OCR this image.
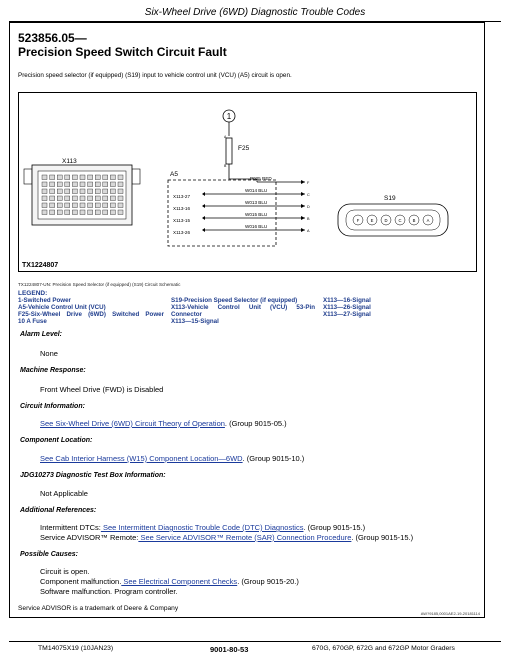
Six-Wheel Drive (6WD) Diagnostic Trouble Codes
523856.05—
Precision Speed Switch Circuit Fault
Precision speed selector (if equipped) (S19) input to vehicle control unit (VCU) (A5) circuit is open.
1
A
F25
B
X113
A5
X113-27
X113-16
X113-15
X113-26
P025 RED
W014 BLU
W013 BLU
W015 BLU
W016 BLU
F
C
D
B
A
S19
F	E	D	C	B	A
TX1224807
TX1224807-UN: Precision Speed Selector (if equipped) (S19) Circuit Schematic
LEGEND:
1-Switched Power
A5-Vehicle Control Unit (VCU)
F25-Six-Wheel Drive (6WD) Switched Power
10 A Fuse
S19-Precision Speed Selector (if equipped)
X113-Vehicle Control Unit (VCU) 53-Pin
Connector
X113—15-Signal
X113—16-Signal
X113—26-Signal
X113—27-Signal
Alarm Level:
None
Machine Response:
Front Wheel Drive (FWD) is Disabled
Circuit Information:
See Six-Wheel Drive (6WD) Circuit Theory of Operation. (Group 9015-05.)
Component Location:
See Cab Interior Harness (W15) Component Location—6WD. (Group 9015-10.)
JDG10273 Diagnostic Test Box Information:
Not Applicable
Additional References:
Intermittent DTCs: See Intermittent Diagnostic Trouble Code (DTC) Diagnostics. (Group 9015-15.)
Service ADVISOR™ Remote: See Service ADVISOR™ Remote (SAR) Connection Procedure. (Group 9015-15.)
Possible Causes:
Circuit is open.
Component malfunction. See Electrical Component Checks. (Group 9015-20.)
Software malfunction. Program controller.
Service ADVISOR is a trademark of Deere & Company
AW?9185,0001AE2-19-20181114
TM14075X19 (10JAN23)	9001-80-53	670G, 670GP, 672G and 672GP Motor Graders
